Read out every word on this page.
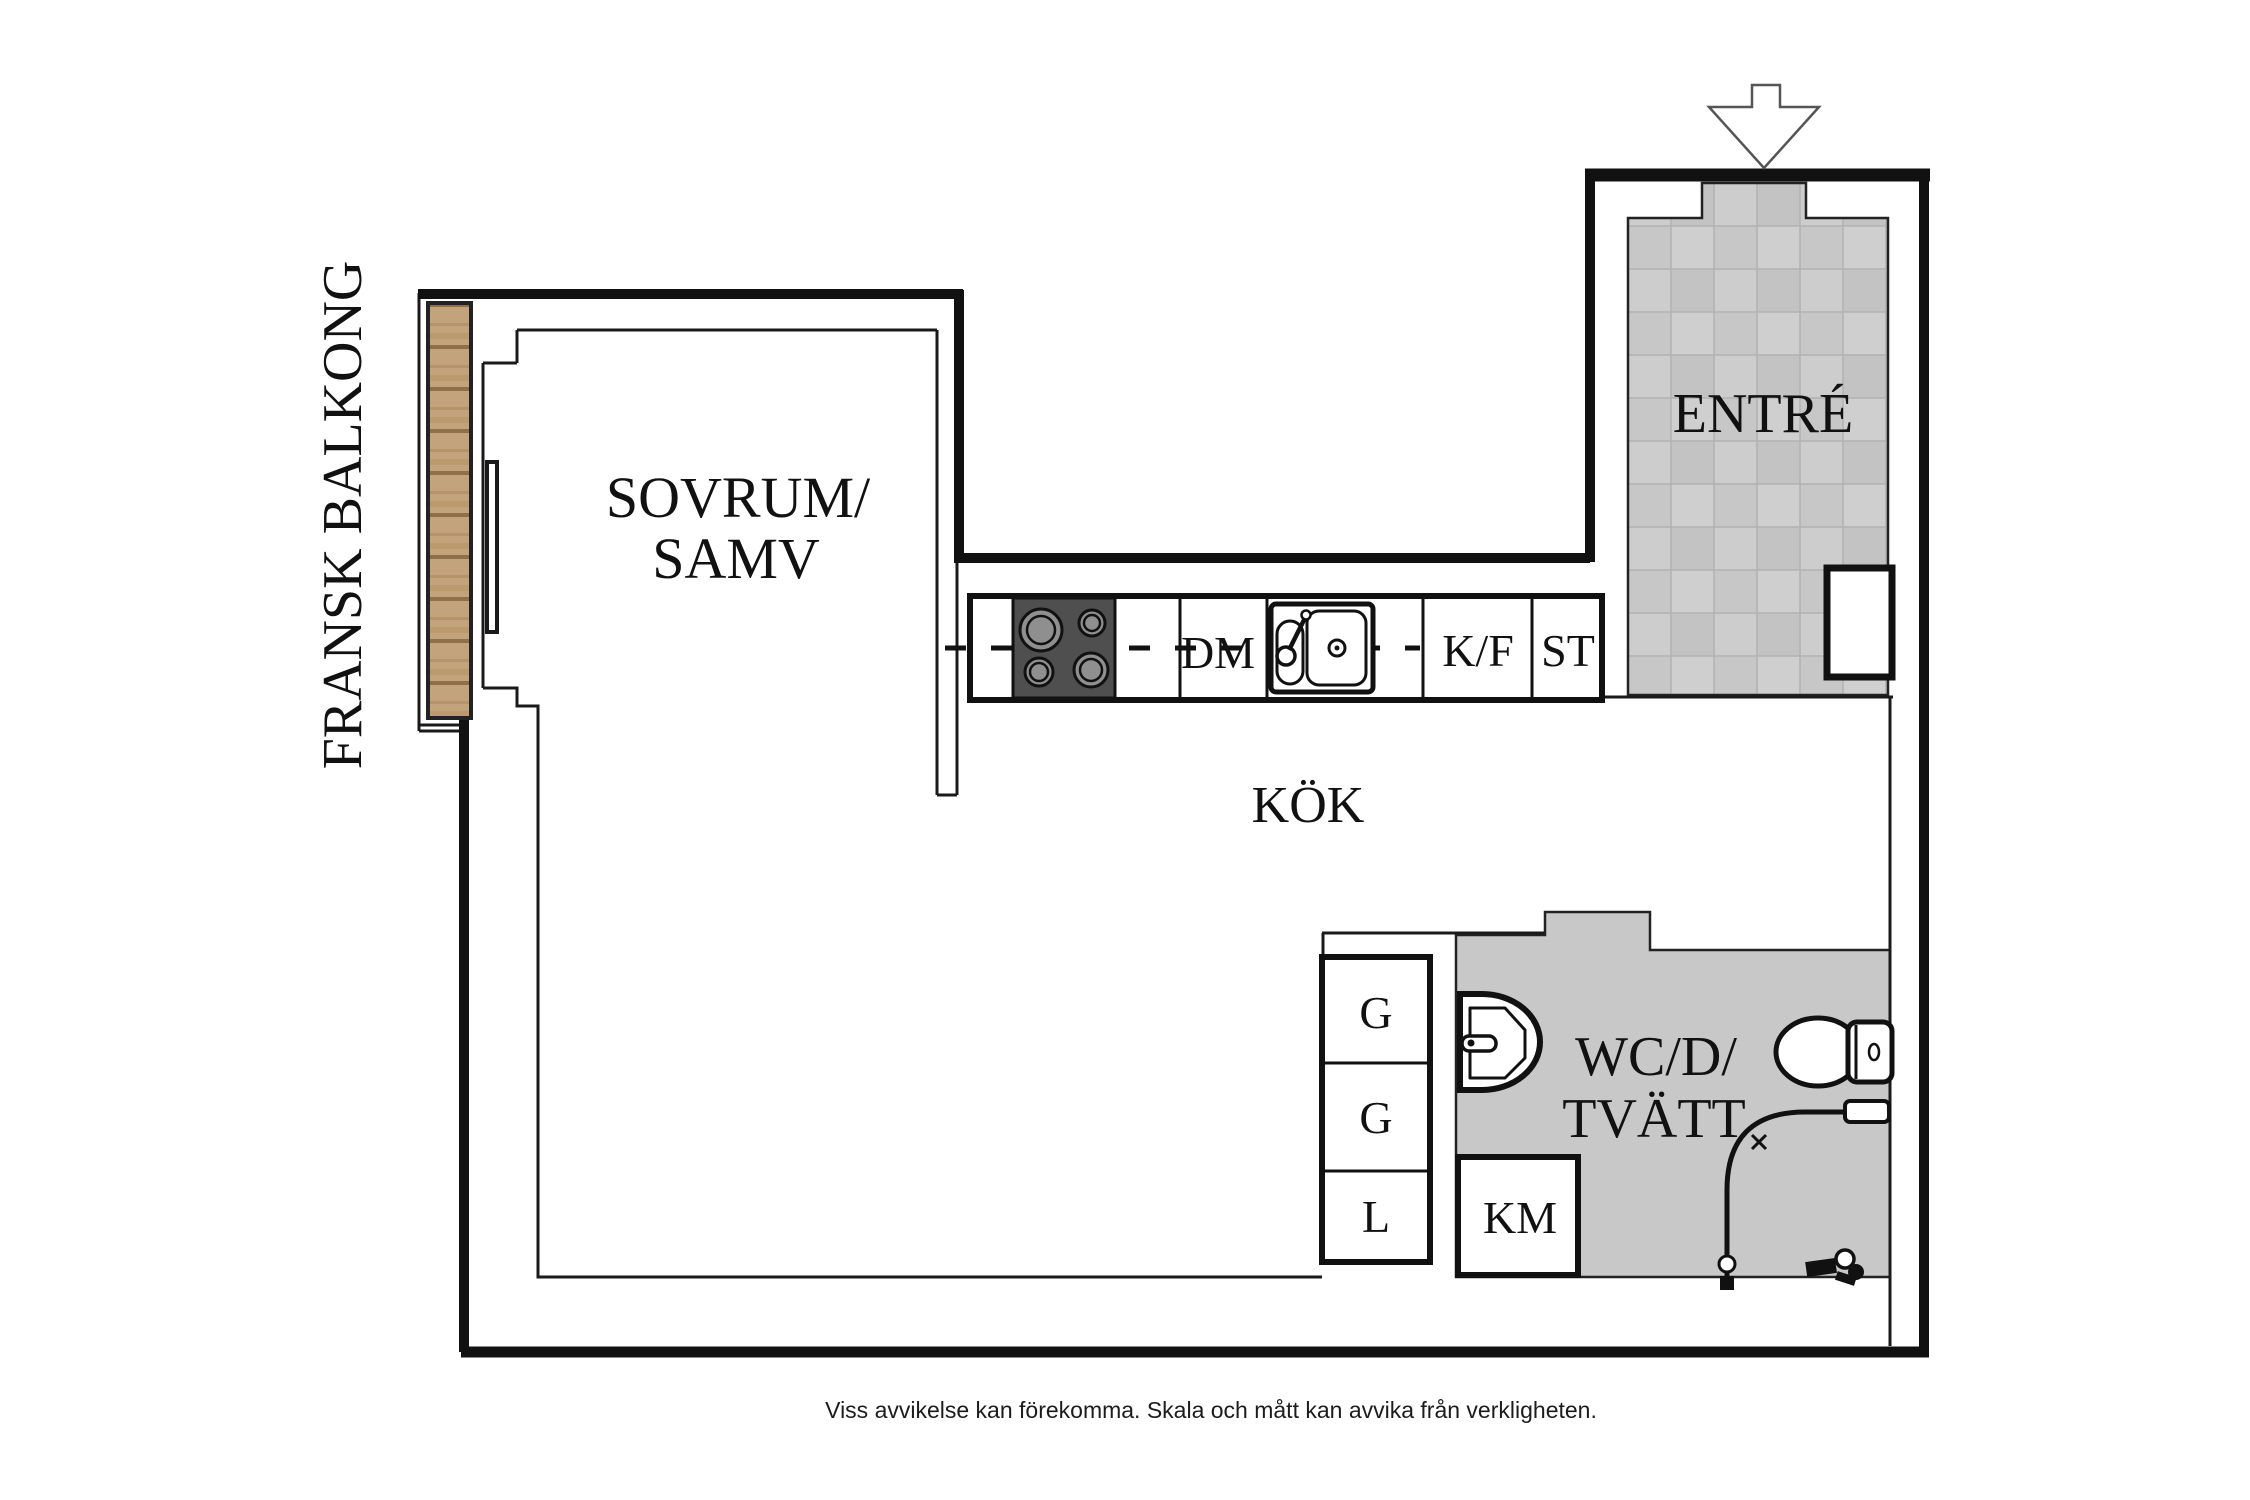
FRANSK BALKONG	SOVRUM/
SAMV
ENTRÉ
KÖK
WC/D/
TVÄTT
DM	K/F ST
G
G
L KM
Viss avvikelse kan förekomma. Skala och mått kan avvika från verkligheten.
